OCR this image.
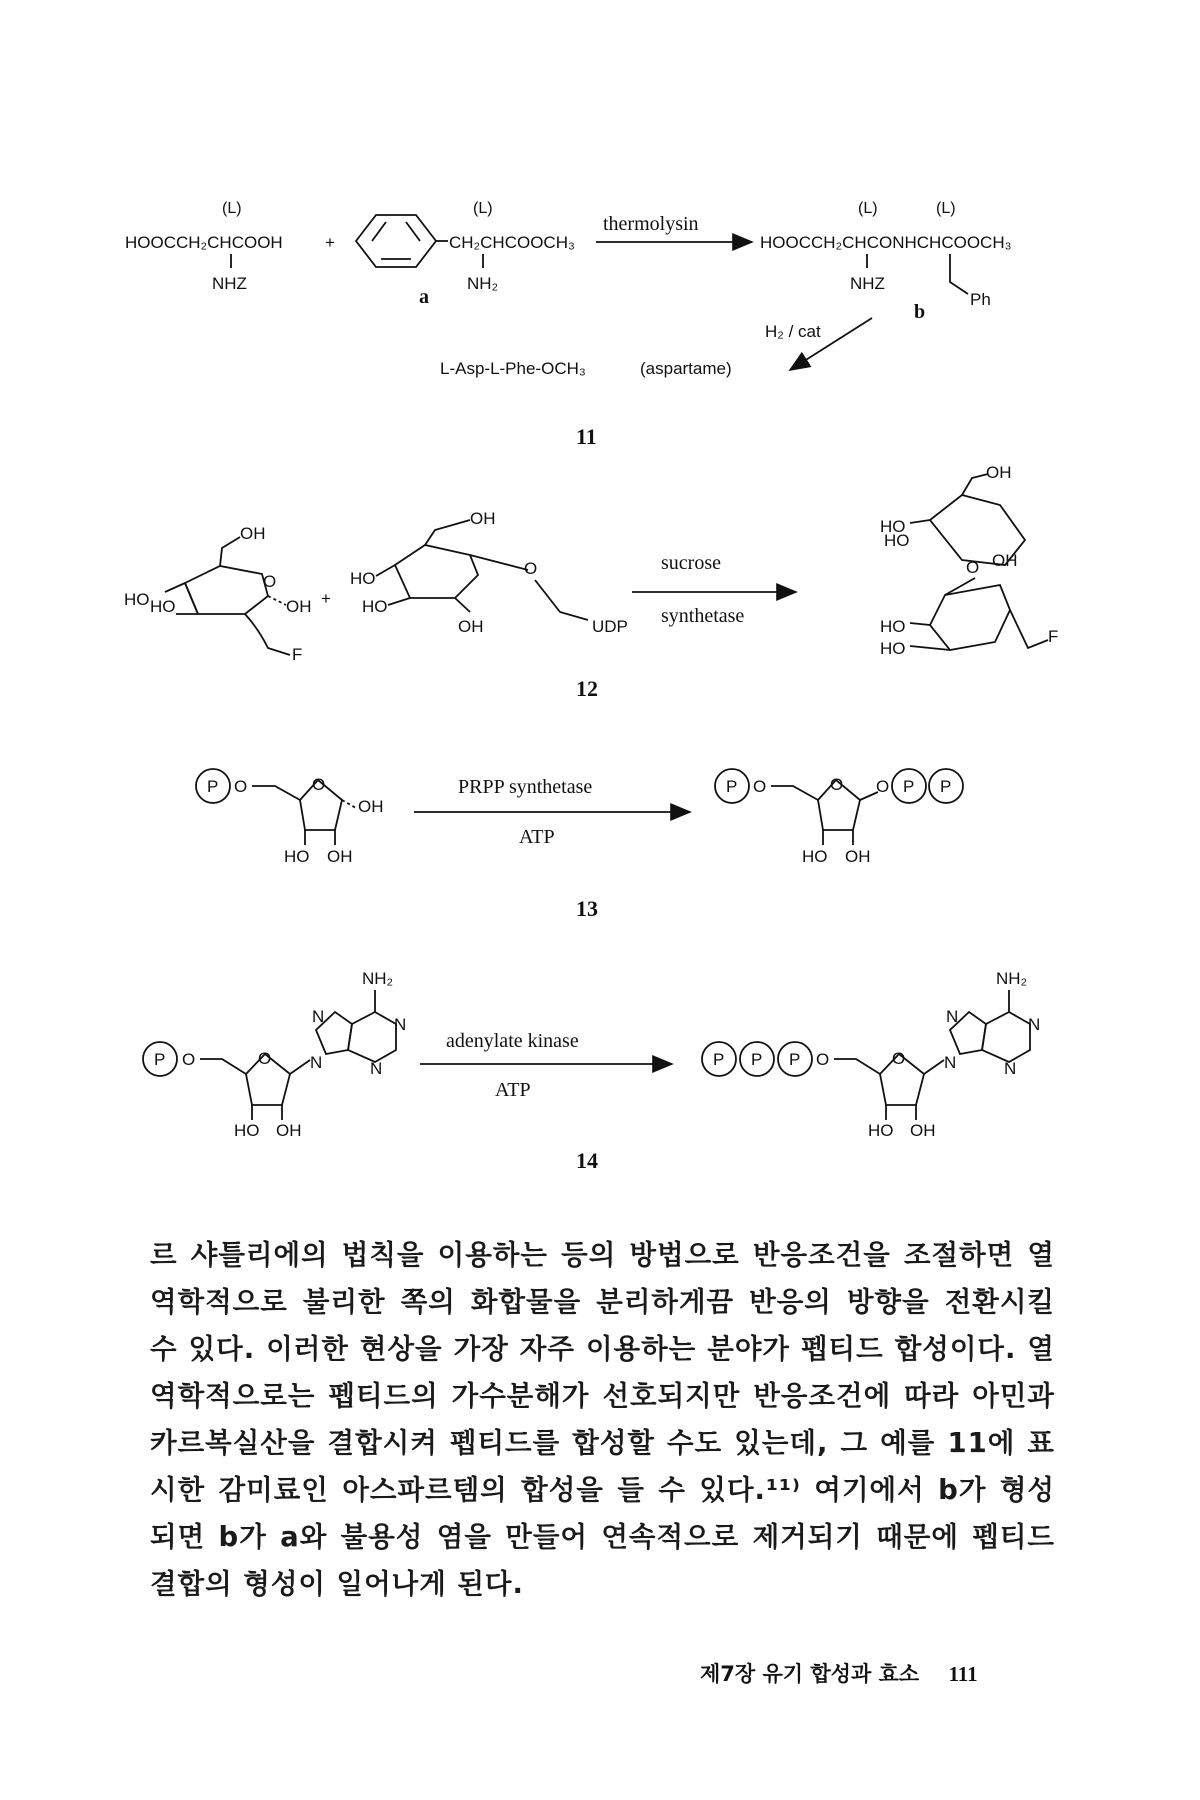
(L)
HOOCCH₂CHCOOH
NHZ
+
(L)
CH₂CHCOOCH₃
NH₂
a
thermolysin
(L)	(L)
HOOCCH₂CHCONHCHCOOCH₃
NHZ
Ph
b
H₂ / cat
L-Asp-L-Phe-OCH₃	(aspartame)
11
OH
O
OH
HO HO
F
+
OH
O
HO
HO
OH	UDP
sucrose
synthetase
OH
HO
HO
O OH
HO
HO
F
12
P O	O
OH
HO OH
PRPP synthetase
ATP
P O	O O P P
HO OH
13
P O	O
HO OH
N
N
NH₂
N
N
adenylate kinase
ATP
P P P O	O
HO OH
N
N
NH₂
N
N
14
르 샤틀리에의 법칙을 이용하는 등의 방법으로 반응조건을 조절하면 열역학적으로 불리한 쪽의 화합물을 분리하게끔 반응의 방향을 전환시킬 수 있다. 이러한 현상을 가장 자주 이용하는 분야가 펩티드 합성이다. 열역학적으로는 펩티드의 가수분해가 선호되지만 반응조건에 따라 아민과 카르복실산을 결합시켜 펩티드를 합성할 수도 있는데, 그 예를 11에 표시한 감미료인 아스파르템의 합성을 들 수 있다.¹¹⁾ 여기에서 b가 형성되면 b가 a와 불용성 염을 만들어 연속적으로 제거되기 때문에 펩티드 결합의 형성이 일어나게 된다.
제7장 유기 합성과 효소 111
